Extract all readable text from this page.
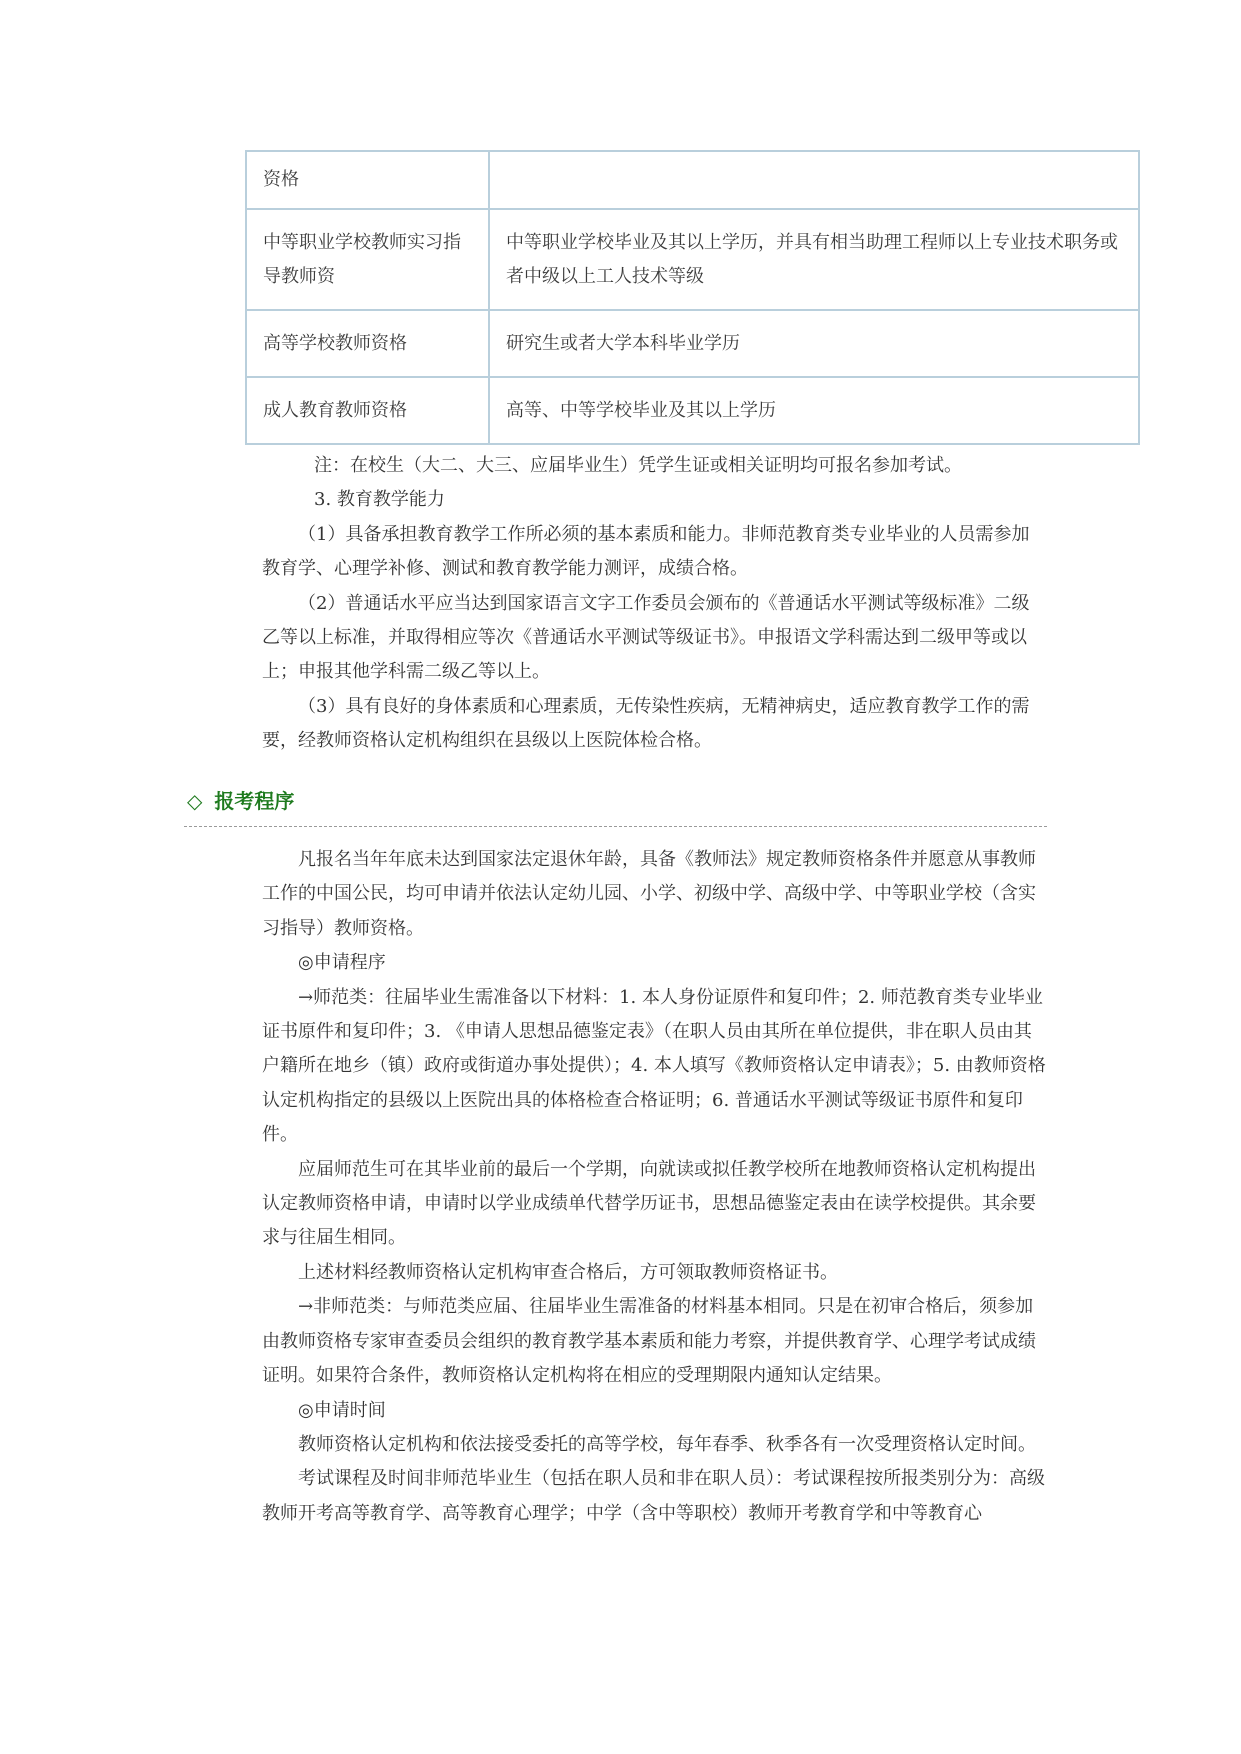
资格	
中等职业学校教师实习指导教师资	中等职业学校毕业及其以上学历，并具有相当助理工程师以上专业技术职务或者中级以上工人技术等级
高等学校教师资格	研究生或者大学本科毕业学历
成人教育教师资格	高等、中等学校毕业及其以上学历

注：在校生（大二、大三、应届毕业生）凭学生证或相关证明均可报名参加考试。

3. 教育教学能力

（1）具备承担教育教学工作所必须的基本素质和能力。非师范教育类专业毕业的人员需参加教育学、心理学补修、测试和教育教学能力测评，成绩合格。

（2）普通话水平应当达到国家语言文字工作委员会颁布的《普通话水平测试等级标准》二级乙等以上标准，并取得相应等次《普通话水平测试等级证书》。申报语文学科需达到二级甲等或以上；申报其他学科需二级乙等以上。

（3）具有良好的身体素质和心理素质，无传染性疾病，无精神病史，适应教育教学工作的需要，经教师资格认定机构组织在县级以上医院体检合格。

◇ 报考程序

凡报名当年年底未达到国家法定退休年龄，具备《教师法》规定教师资格条件并愿意从事教师工作的中国公民，均可申请并依法认定幼儿园、小学、初级中学、高级中学、中等职业学校（含实习指导）教师资格。

◎申请程序

→师范类：往届毕业生需准备以下材料：1. 本人身份证原件和复印件；2. 师范教育类专业毕业证书原件和复印件；3. 《申请人思想品德鉴定表》（在职人员由其所在单位提供，非在职人员由其户籍所在地乡（镇）政府或街道办事处提供）；4. 本人填写《教师资格认定申请表》；5. 由教师资格认定机构指定的县级以上医院出具的体格检查合格证明；6. 普通话水平测试等级证书原件和复印件。

应届师范生可在其毕业前的最后一个学期，向就读或拟任教学校所在地教师资格认定机构提出认定教师资格申请，申请时以学业成绩单代替学历证书，思想品德鉴定表由在读学校提供。其余要求与往届生相同。

上述材料经教师资格认定机构审查合格后，方可领取教师资格证书。

→非师范类：与师范类应届、往届毕业生需准备的材料基本相同。只是在初审合格后，须参加由教师资格专家审查委员会组织的教育教学基本素质和能力考察，并提供教育学、心理学考试成绩证明。如果符合条件，教师资格认定机构将在相应的受理期限内通知认定结果。

◎申请时间

教师资格认定机构和依法接受委托的高等学校，每年春季、秋季各有一次受理资格认定时间。

考试课程及时间非师范毕业生（包括在职人员和非在职人员）：考试课程按所报类别分为：高级教师开考高等教育学、高等教育心理学；中学（含中等职校）教师开考教育学和中等教育心
